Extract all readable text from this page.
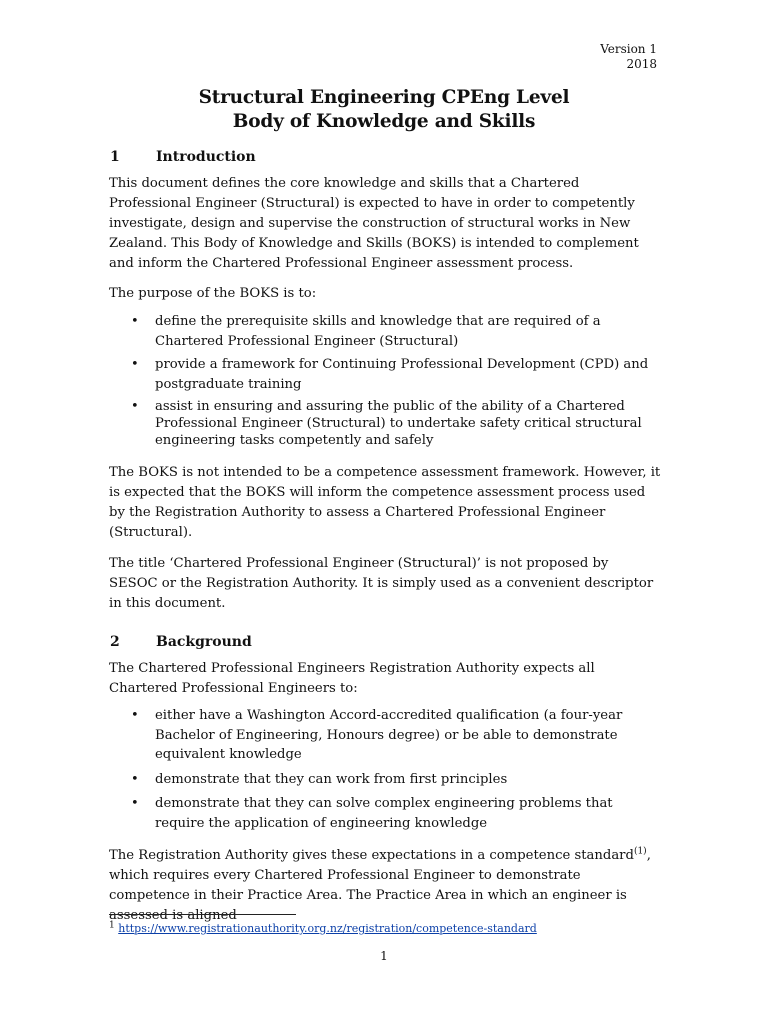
Version 1
2018
Structural Engineering CPEng Level
Body of Knowledge and Skills
1	Introduction
This document defines the core knowledge and skills that a Chartered Professional Engineer (Structural) is expected to have in order to competently investigate, design and supervise the construction of structural works in New Zealand. This Body of Knowledge and Skills (BOKS) is intended to complement and inform the Chartered Professional Engineer assessment process.
The purpose of the BOKS is to:
• define the prerequisite skills and knowledge that are required of a Chartered Professional Engineer (Structural)
• provide a framework for Continuing Professional Development (CPD) and postgraduate training
• assist in ensuring and assuring the public of the ability of a Chartered Professional Engineer (Structural) to undertake safety critical structural engineering tasks competently and safely
The BOKS is not intended to be a competence assessment framework. However, it is expected that the BOKS will inform the competence assessment process used by the Registration Authority to assess a Chartered Professional Engineer (Structural).
The title ‘Chartered Professional Engineer (Structural)’ is not proposed by SESOC or the Registration Authority. It is simply used as a convenient descriptor in this document.
2	Background
The Chartered Professional Engineers Registration Authority expects all Chartered Professional Engineers to:
• either have a Washington Accord-accredited qualification (a four-year Bachelor of Engineering, Honours degree) or be able to demonstrate equivalent knowledge
• demonstrate that they can work from first principles
• demonstrate that they can solve complex engineering problems that require the application of engineering knowledge
The Registration Authority gives these expectations in a competence standard$^{(1)}$, which requires every Chartered Professional Engineer to demonstrate competence in their Practice Area. The Practice Area in which an engineer is assessed is aligned
$^1$ https://www.registrationauthority.org.nz/registration/competence-standard
1
